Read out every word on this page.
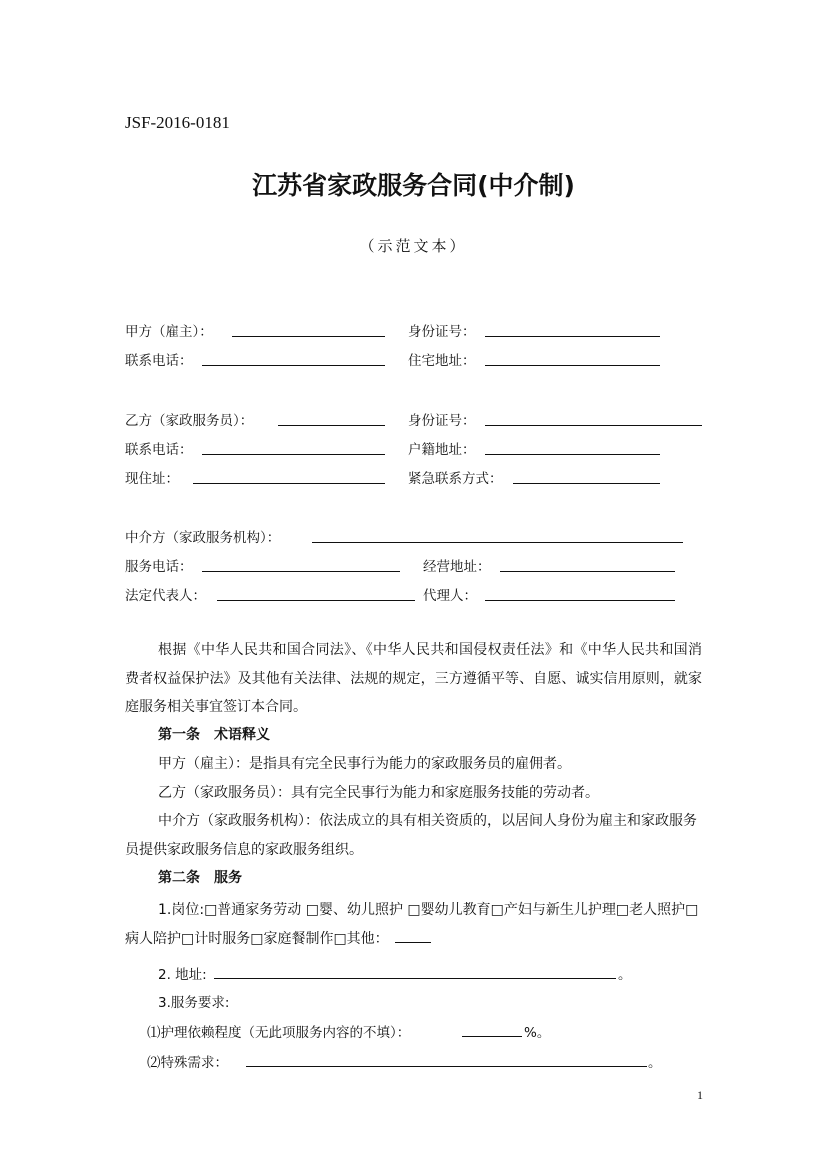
JSF-2016-0181
江苏省家政服务合同(中介制)
（示范文本）
甲方（雇主）：	身份证号：
联系电话：	住宅地址：
乙方（家政服务员）：	身份证号：
联系电话：	户籍地址：
现住址：	紧急联系方式：
中介方（家政服务机构）：
服务电话：	经营地址：
法定代表人：	代理人：
根据《中华人民共和国合同法》、《中华人民共和国侵权责任法》和《中华人民共和国消费者权益保护法》及其他有关法律、法规的规定，三方遵循平等、自愿、诚实信用原则，就家庭服务相关事宜签订本合同。
第一条　术语释义
甲方（雇主）：是指具有完全民事行为能力的家政服务员的雇佣者。
乙方（家政服务员）：具有完全民事行为能力和家庭服务技能的劳动者。
中介方（家政服务机构）：依法成立的具有相关资质的，以居间人身份为雇主和家政服务员提供家政服务信息的家政服务组织。
第二条　服务
1.岗位:□普通家务劳动 □婴、幼儿照护 □婴幼儿教育□产妇与新生儿护理□老人照护□病人陪护□计时服务□家庭餐制作□其他：
2. 地址:	。
3.服务要求:
⑴护理依赖程度（无此项服务内容的不填）：	%。
⑵特殊需求：	。
1
